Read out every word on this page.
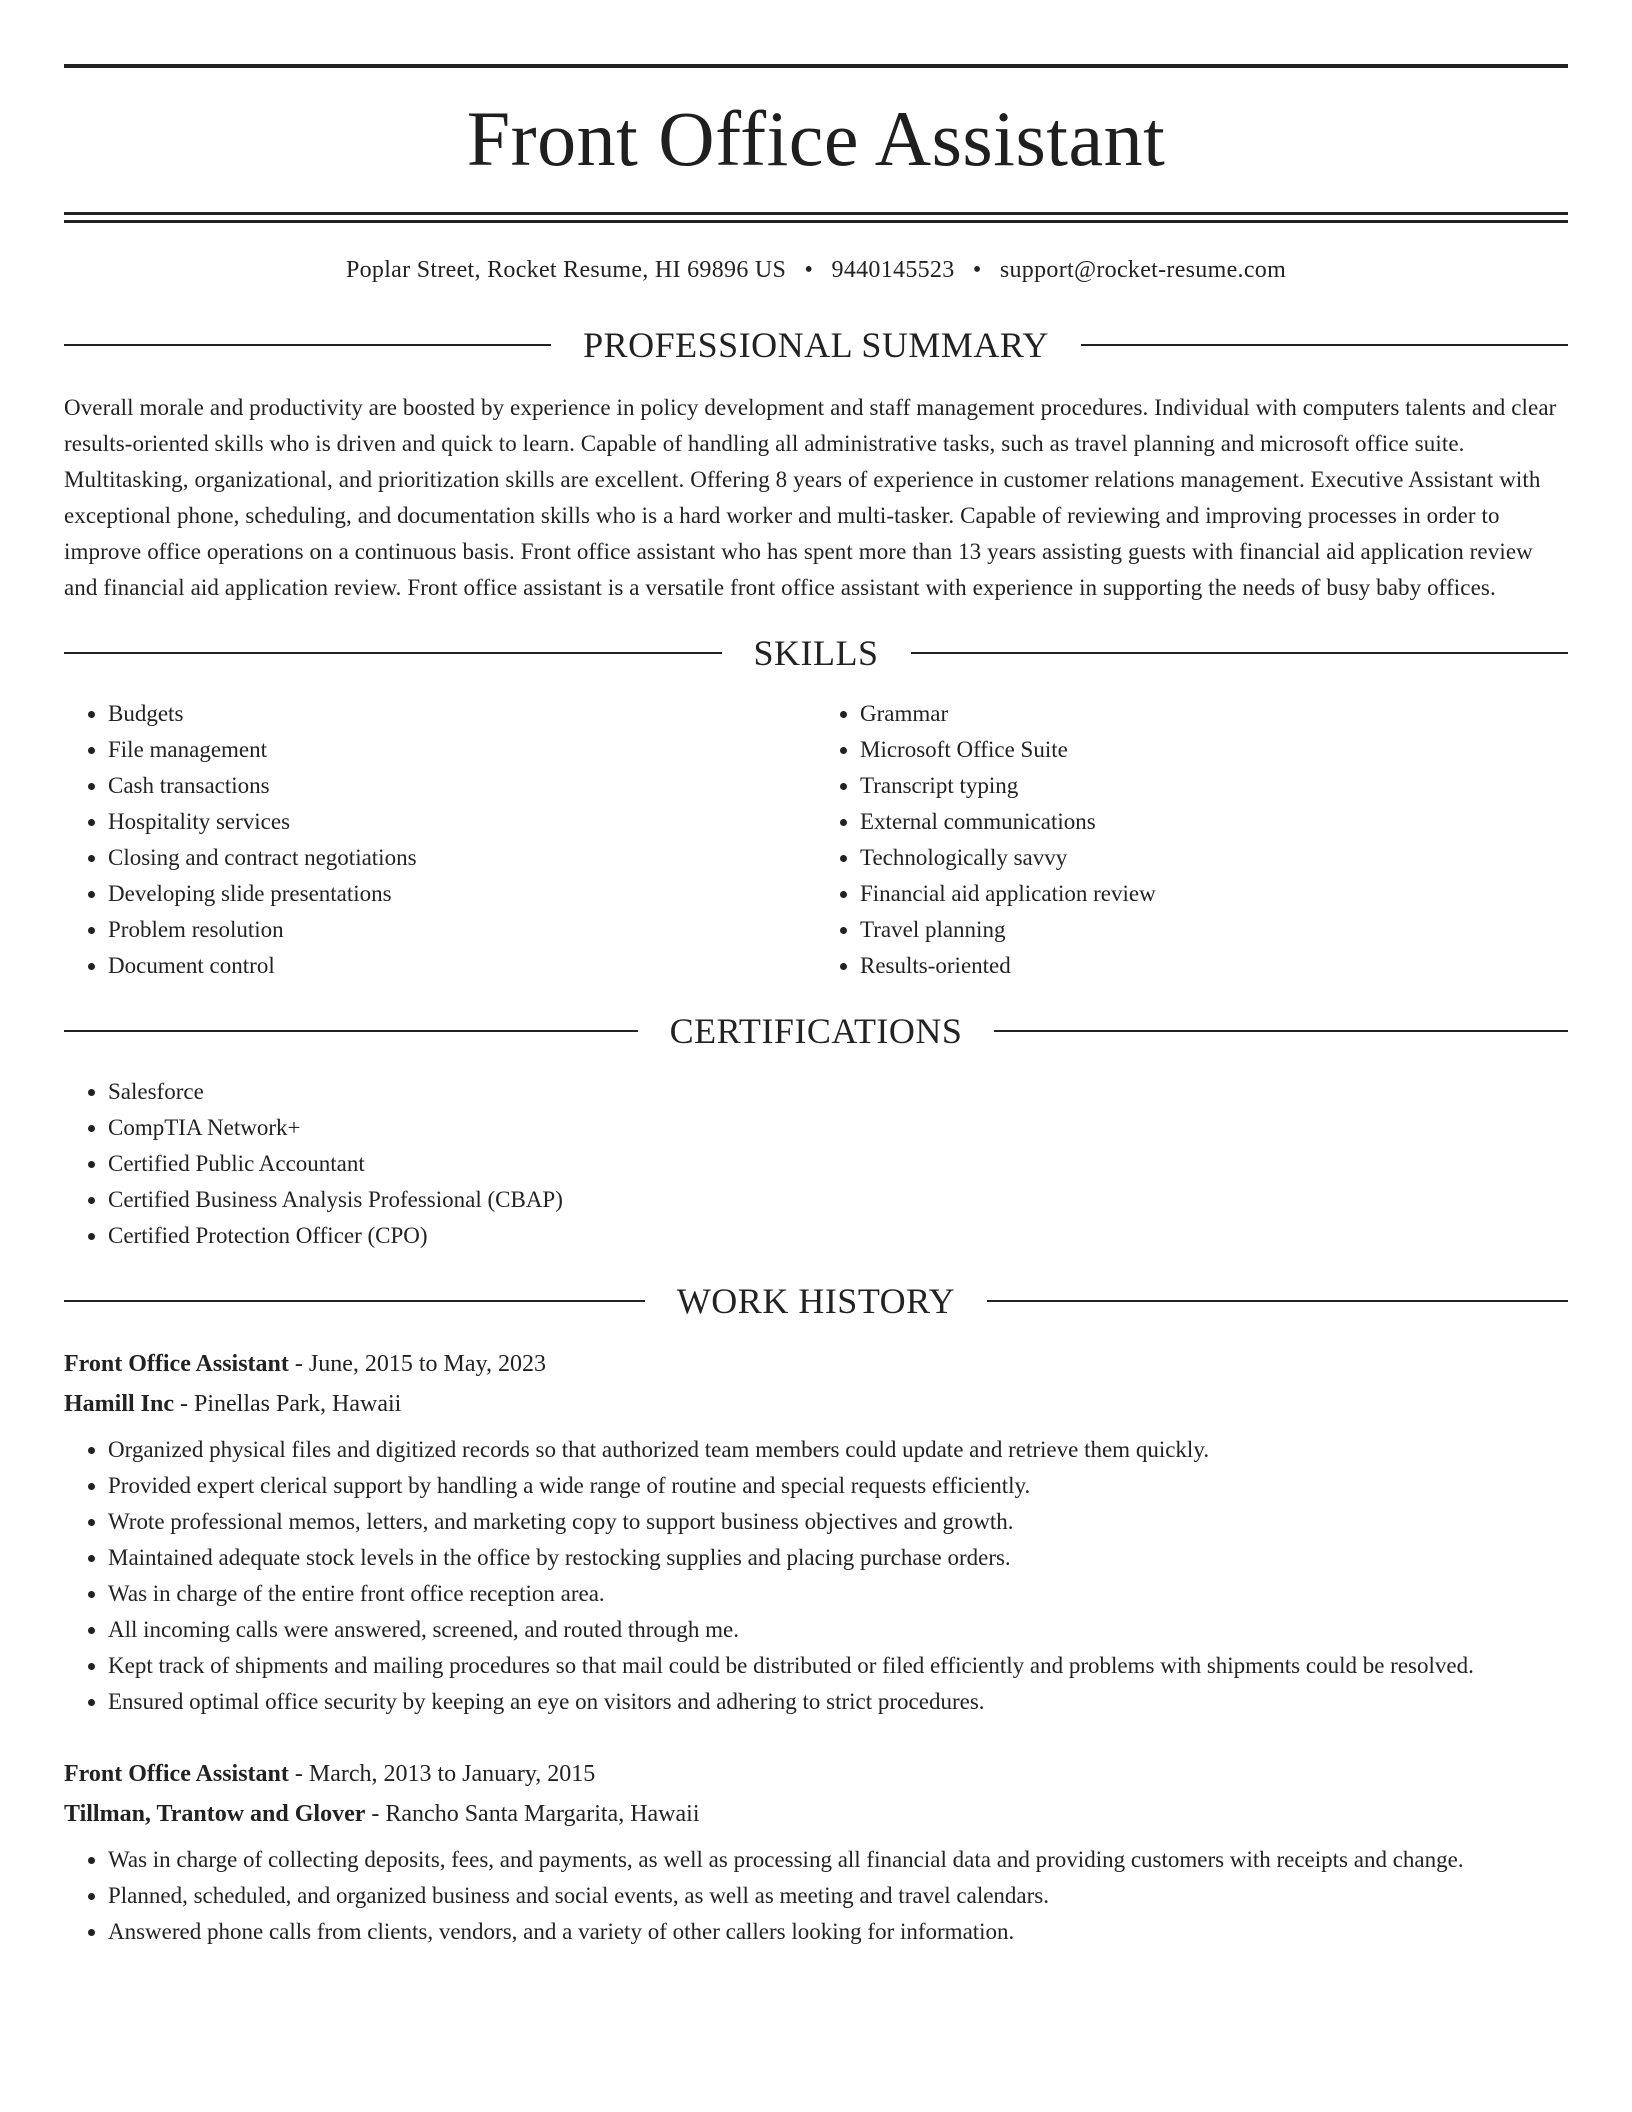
Front Office Assistant
Poplar Street, Rocket Resume, HI 69896 US • 9440145523 • support@rocket-resume.com
PROFESSIONAL SUMMARY
Overall morale and productivity are boosted by experience in policy development and staff management procedures. Individual with computers talents and clear results-oriented skills who is driven and quick to learn. Capable of handling all administrative tasks, such as travel planning and microsoft office suite. Multitasking, organizational, and prioritization skills are excellent. Offering 8 years of experience in customer relations management. Executive Assistant with exceptional phone, scheduling, and documentation skills who is a hard worker and multi-tasker. Capable of reviewing and improving processes in order to improve office operations on a continuous basis. Front office assistant who has spent more than 13 years assisting guests with financial aid application review and financial aid application review. Front office assistant is a versatile front office assistant with experience in supporting the needs of busy baby offices.
SKILLS
• Budgets
• File management
• Cash transactions
• Hospitality services
• Closing and contract negotiations
• Developing slide presentations
• Problem resolution
• Document control
• Grammar
• Microsoft Office Suite
• Transcript typing
• External communications
• Technologically savvy
• Financial aid application review
• Travel planning
• Results-oriented
CERTIFICATIONS
• Salesforce
• CompTIA Network+
• Certified Public Accountant
• Certified Business Analysis Professional (CBAP)
• Certified Protection Officer (CPO)
WORK HISTORY
Front Office Assistant - June, 2015 to May, 2023
Hamill Inc - Pinellas Park, Hawaii
• Organized physical files and digitized records so that authorized team members could update and retrieve them quickly.
• Provided expert clerical support by handling a wide range of routine and special requests efficiently.
• Wrote professional memos, letters, and marketing copy to support business objectives and growth.
• Maintained adequate stock levels in the office by restocking supplies and placing purchase orders.
• Was in charge of the entire front office reception area.
• All incoming calls were answered, screened, and routed through me.
• Kept track of shipments and mailing procedures so that mail could be distributed or filed efficiently and problems with shipments could be resolved.
• Ensured optimal office security by keeping an eye on visitors and adhering to strict procedures.
Front Office Assistant - March, 2013 to January, 2015
Tillman, Trantow and Glover - Rancho Santa Margarita, Hawaii
• Was in charge of collecting deposits, fees, and payments, as well as processing all financial data and providing customers with receipts and change.
• Planned, scheduled, and organized business and social events, as well as meeting and travel calendars.
• Answered phone calls from clients, vendors, and a variety of other callers looking for information.
